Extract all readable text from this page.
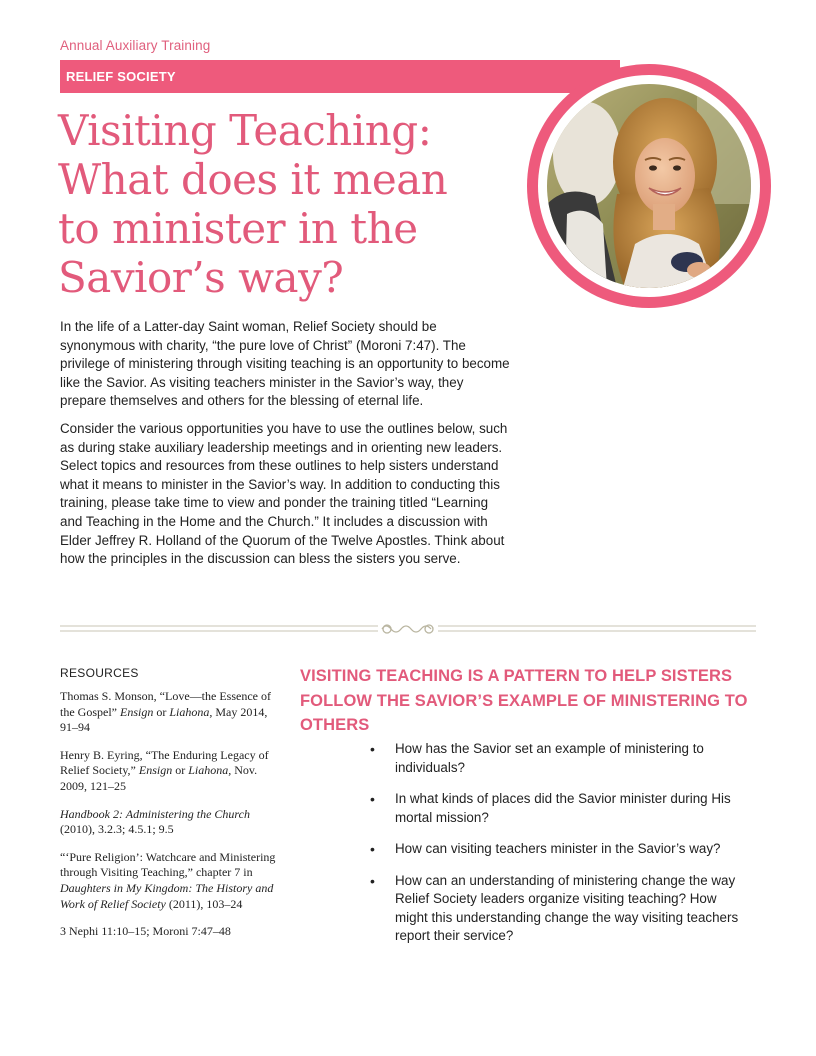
Annual Auxiliary Training
RELIEF SOCIETY
Visiting Teaching:
What does it mean
to minister in the
Savior’s way?

In the life of a Latter-day Saint woman, Relief Society should be synonymous with charity, “the pure love of Christ” (Moroni 7:47). The privilege of ministering through visiting teaching is an opportunity to become like the Savior. As visiting teachers minister in the Savior’s way, they prepare themselves and others for the blessing of eternal life.

Consider the various opportunities you have to use the outlines below, such as during stake auxiliary leadership meetings and in orienting new leaders. Select topics and resources from these outlines to help sisters understand what it means to minister in the Savior’s way. In addition to conducting this training, please take time to view and ponder the training titled “Learning and Teaching in the Home and the Church.” It includes a discussion with Elder Jeffrey R. Holland of the Quorum of the Twelve Apostles. Think about how the principles in the discussion can bless the sisters you serve.

RESOURCES
Thomas S. Monson, “Love—the Essence of the Gospel” Ensign or Liahona, May 2014, 91–94
Henry B. Eyring, “The Enduring Legacy of Relief Society,” Ensign or Liahona, Nov. 2009, 121–25
Handbook 2: Administering the Church (2010), 3.2.3; 4.5.1; 9.5
“‘Pure Religion’: Watchcare and Ministering through Visiting Teaching,” chapter 7 in Daughters in My Kingdom: The History and Work of Relief Society (2011), 103–24
3 Nephi 11:10–15; Moroni 7:47–48
VISITING TEACHING IS A PATTERN TO HELP SISTERS FOLLOW THE SAVIOR’S EXAMPLE OF MINISTERING TO OTHERS
• How has the Savior set an example of ministering to individuals?
• In what kinds of places did the Savior minister during His mortal mission?
• How can visiting teachers minister in the Savior’s way?
• How can an understanding of ministering change the way Relief Society leaders organize visiting teaching? How might this understanding change the way visiting teachers report their service?
